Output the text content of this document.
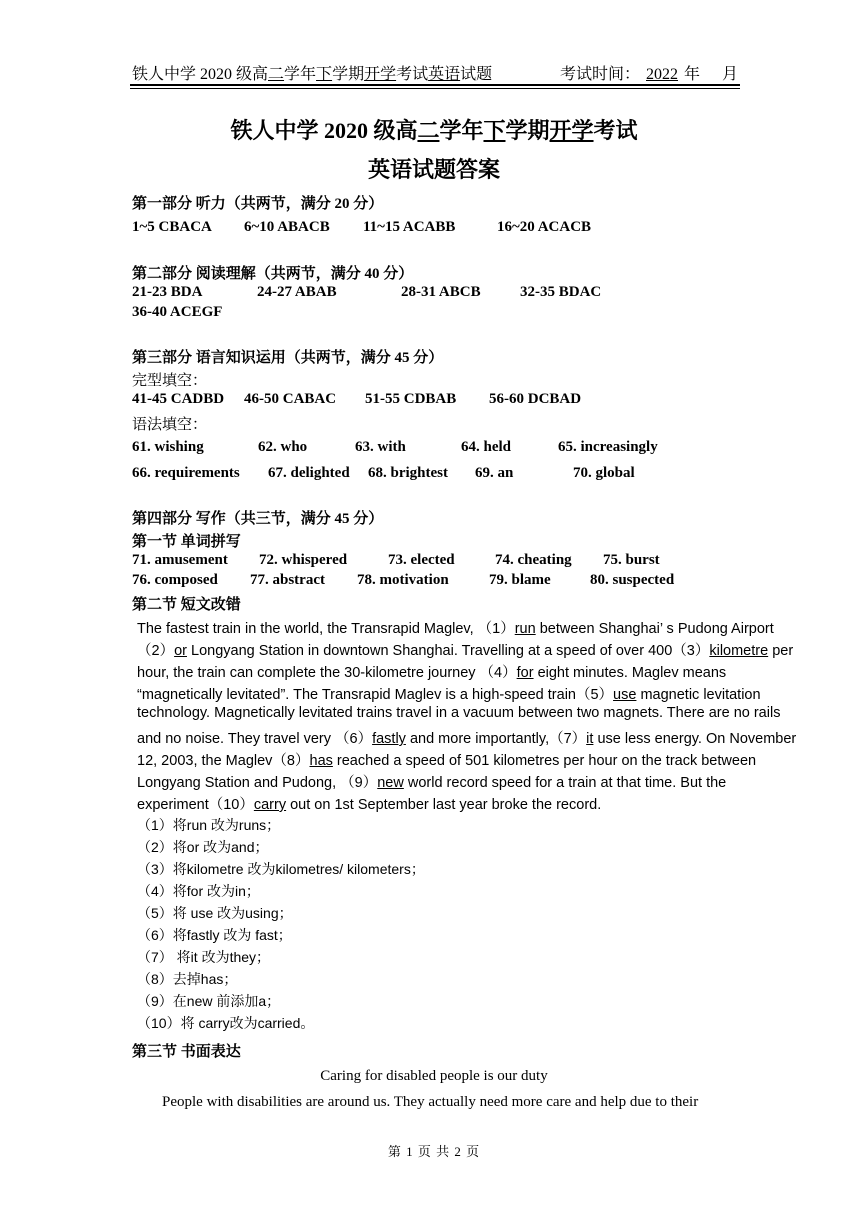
铁人中学 2020 级高二学年下学期开学考试英语试题	考试时间： 2022 年 月
铁人中学 2020 级高二学年下学期开学考试
英语试题答案
第一部分 听力（共两节，满分 20 分）
1~5 CBACA 6~10 ABACB 11~15 ACABB	16~20 ACACB
第二部分 阅读理解（共两节，满分 40 分）
21-23 BDA	24-27 ABAB	28-31 ABCB	32-35 BDAC
36-40 ACEGF
第三部分 语言知识运用（共两节，满分 45 分）
完型填空：
41-45 CADBD 46-50 CABAC 51-55 CDBAB 56-60 DCBAD
语法填空：
61. wishing	62. who	63. with	64. held	65. increasingly
66. requirements 67. delighted 68. brightest 69. an	70. global
第四部分 写作（共三节，满分 45 分）
第一节 单词拼写
71. amusement 72. whispered	73. elected	74. cheating 75. burst
76. composed 77. abstract 78. motivation	79. blame	80. suspected
第二节 短文改错
The fastest train in the world, the Transrapid Maglev, （1）run between Shanghai’ s Pudong Airport
（2）or Longyang Station in downtown Shanghai. Travelling at a speed of over 400（3）kilometre per
hour, the train can complete the 30-kilometre journey （4）for eight minutes. Maglev means
“magnetically levitated”. The Transrapid Maglev is a high-speed train（5）use magnetic levitation
technology. Magnetically levitated trains travel in a vacuum between two magnets. There are no rails
and no noise. They travel very （6）fastly and more importantly,（7）it use less energy. On November
12, 2003, the Maglev（8）has reached a speed of 501 kilometres per hour on the track between
Longyang Station and Pudong, （9）new world record speed for a train at that time. But the
experiment（10）carry out on 1st September last year broke the record.
（1）将run 改为runs；
（2）将or 改为and；
（3）将kilometre 改为kilometres/ kilometers；
（4）将for 改为in；
（5）将 use 改为using；
（6）将fastly 改为 fast；
（7） 将it 改为they；
（8）去掉has；
（9）在new 前添加a；
（10）将 carry改为carried。
第三节 书面表达
Caring for disabled people is our duty
People with disabilities are around us. They actually need more care and help due to their
第 1 页 共 2 页
